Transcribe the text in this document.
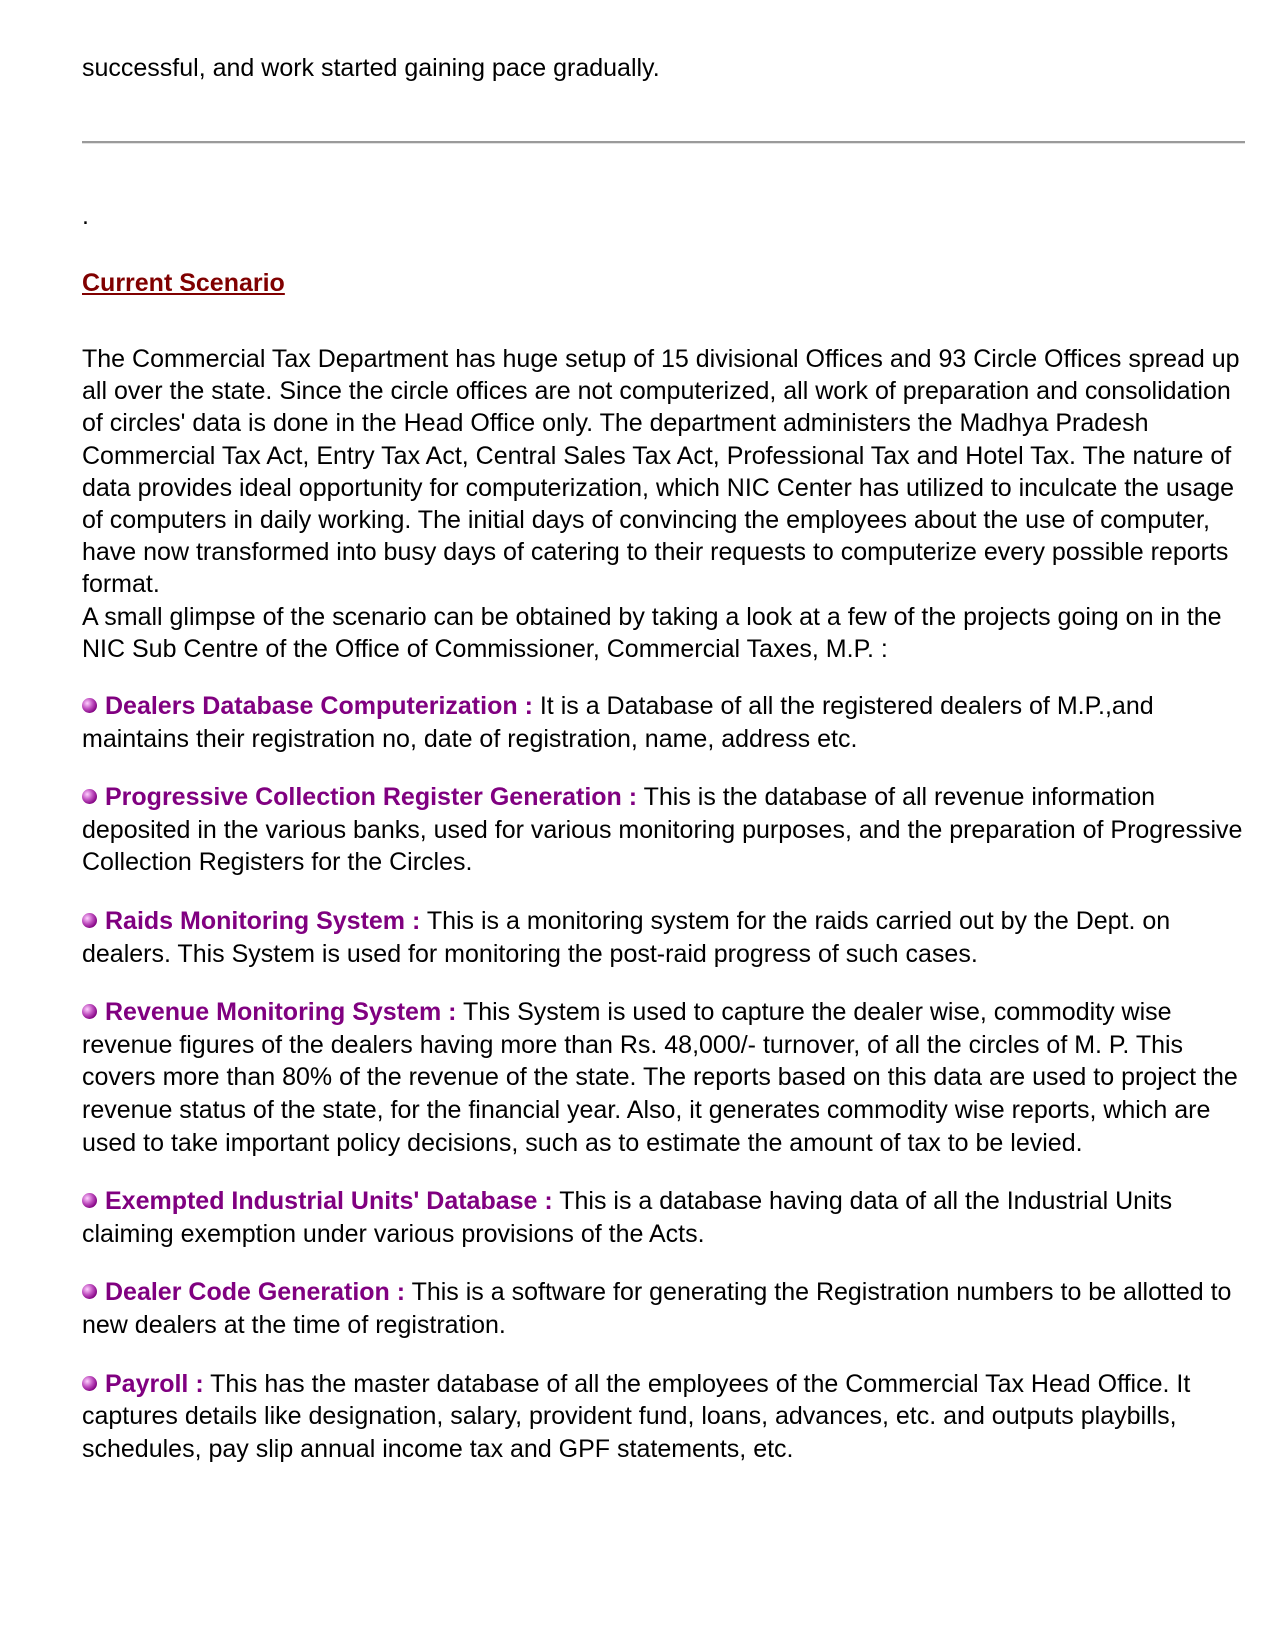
successful, and work started gaining pace gradually.

.
Current Scenario

The Commercial Tax Department has huge setup of 15 divisional Offices and 93 Circle Offices spread up all over the state. Since the circle offices are not computerized, all work of preparation and consolidation of circles' data is done in the Head Office only. The department administers the Madhya Pradesh Commercial Tax Act, Entry Tax Act, Central Sales Tax Act, Professional Tax and Hotel Tax. The nature of data provides ideal opportunity for computerization, which NIC Center has utilized to inculcate the usage of computers in daily working. The initial days of convincing the employees about the use of computer, have now transformed into busy days of catering to their requests to computerize every possible reports format.

A small glimpse of the scenario can be obtained by taking a look at a few of the projects going on in the NIC Sub Centre of the Office of Commissioner, Commercial Taxes, M.P. :

Dealers Database Computerization : It is a Database of all the registered dealers of M.P.,and maintains their registration no, date of registration, name, address etc.

Progressive Collection Register Generation : This is the database of all revenue information deposited in the various banks, used for various monitoring purposes, and the preparation of Progressive Collection Registers for the Circles.

Raids Monitoring System : This is a monitoring system for the raids carried out by the Dept. on dealers. This System is used for monitoring the post-raid progress of such cases.

Revenue Monitoring System : This System is used to capture the dealer wise, commodity wise revenue figures of the dealers having more than Rs. 48,000/- turnover, of all the circles of M. P. This covers more than 80% of the revenue of the state. The reports based on this data are used to project the revenue status of the state, for the financial year. Also, it generates commodity wise reports, which are used to take important policy decisions, such as to estimate the amount of tax to be levied.

Exempted Industrial Units' Database : This is a database having data of all the Industrial Units claiming exemption under various provisions of the Acts.

Dealer Code Generation : This is a software for generating the Registration numbers to be allotted to new dealers at the time of registration.

Payroll : This has the master database of all the employees of the Commercial Tax Head Office. It captures details like designation, salary, provident fund, loans, advances, etc. and outputs playbills, schedules, pay slip annual income tax and GPF statements, etc.
